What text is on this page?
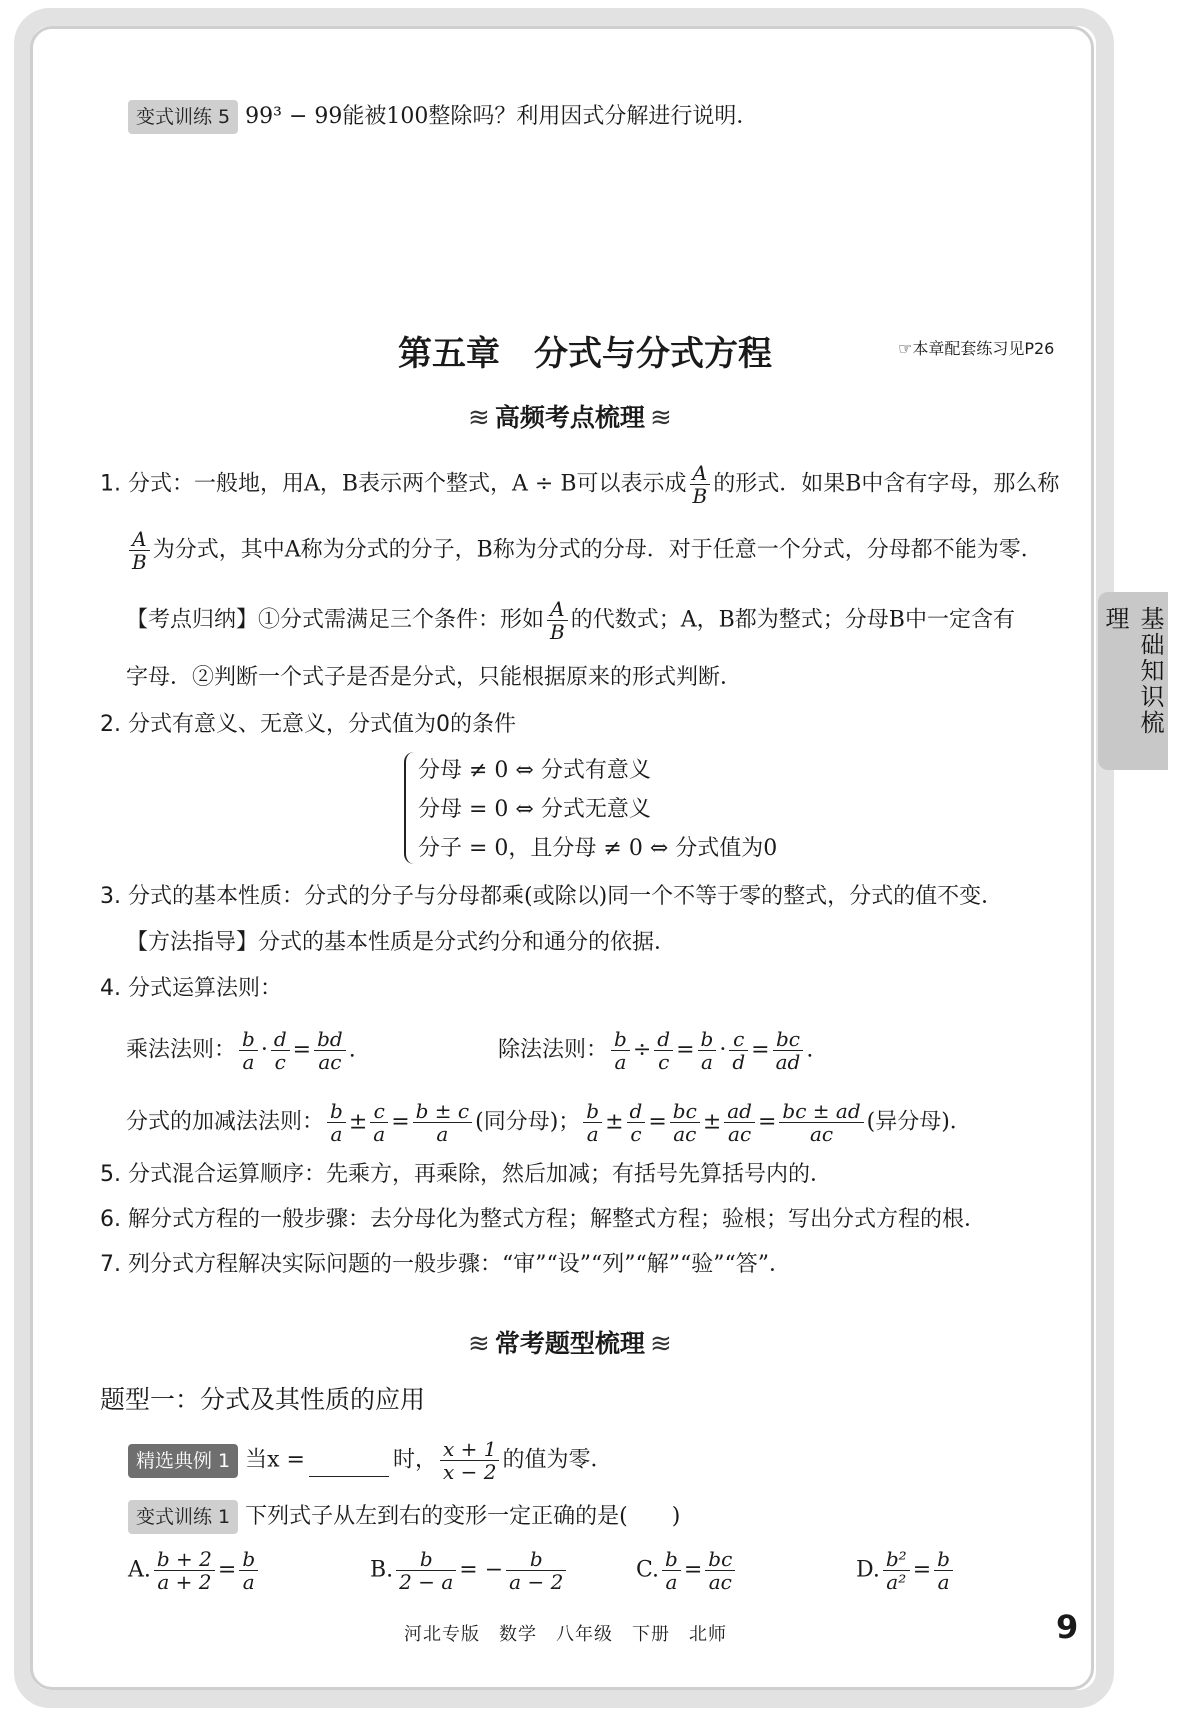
基础知识梳理
变式训练 5 99³ − 99能被100整除吗？利用因式分解进行说明．
第五章　分式与分式方程	☞本章配套练习见P26
≋ 高频考点梳理 ≋
1. 分式：一般地，用A，B表示两个整式，A ÷ B可以表示成 $\frac{A}{B}$ 的形式．如果B中含有字母，那么称
$\frac{A}{B}$ 为分式，其中A称为分式的分子，B称为分式的分母．对于任意一个分式，分母都不能为零．
【考点归纳】①分式需满足三个条件：形如 $\frac{A}{B}$ 的代数式；A，B都为整式；分母B中一定含有
字母．②判断一个式子是否是分式，只能根据原来的形式判断．
2. 分式有意义、无意义，分式值为0的条件
分母 ≠ 0 ⇔ 分式有意义
分母 = 0 ⇔ 分式无意义
分子 = 0，且分母 ≠ 0 ⇔ 分式值为0
3. 分式的基本性质：分式的分子与分母都乘(或除以)同一个不等于零的整式，分式的值不变．
【方法指导】分式的基本性质是分式约分和通分的依据．
4. 分式运算法则：
乘法法则： $\frac{b}{a} \cdot \frac{d}{c} = \frac{bd}{ac}$ .	除法法则： $\frac{b}{a} \div \frac{d}{c} = \frac{b}{a} \cdot \frac{c}{d} = \frac{bc}{ad}$ .
分式的加减法法则： $\frac{b}{a} \pm \frac{c}{a} = \frac{b \pm c}{a}$ (同分母)； $\frac{b}{a} \pm \frac{d}{c} = \frac{bc}{ac} \pm \frac{ad}{ac} = \frac{bc \pm ad}{ac}$ (异分母)．
5. 分式混合运算顺序：先乘方，再乘除，然后加减；有括号先算括号内的．
6. 解分式方程的一般步骤：去分母化为整式方程；解整式方程；验根；写出分式方程的根．
7. 列分式方程解决实际问题的一般步骤：“审”“设”“列”“解”“验”“答”．
≋ 常考题型梳理 ≋
题型一：分式及其性质的应用
精选典例 1 当x =	时， $\frac{x + 1}{x - 2}$ 的值为零．
变式训练 1 下列式子从左到右的变形一定正确的是(　　)
A. $\frac{b + 2}{a + 2} = \frac{b}{a}$	B. $\frac{b}{2 - a}$ = − $\frac{b}{a - 2}$	C. $\frac{b}{a} = \frac{bc}{ac}$	D. $\frac{\text{b²}}{\text{a²}} = \frac{b}{a}$
河北专版　数学　八年级　下册　北师	9
